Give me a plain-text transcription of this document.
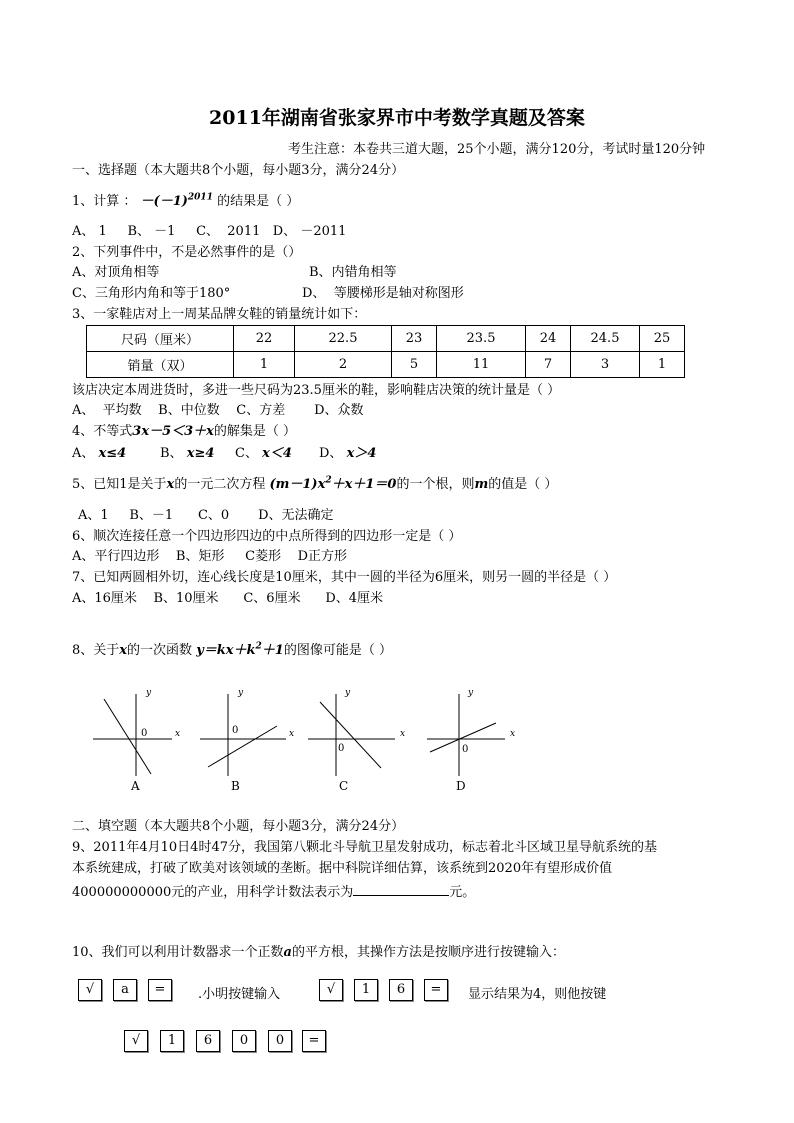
2011年湖南省张家界市中考数学真题及答案
考生注意：本卷共三道大题，25个小题，满分120分，考试时量120分钟
一、选择题（本大题共8个小题，每小题3分，满分24分）
1、计算 ： $-(-1)^{2011}$ 的结果是（ ）
A、 1     B、 －1     C、  2011   D、 －2011
2、下列事件中，不是必然事件的是（）
A、对顶角相等	B、内错角相等
C、三角形内角和等于180°	D、  等腰梯形是轴对称图形
3、一家鞋店对上一周某品牌女鞋的销量统计如下：
尺码（厘米）	22	22.5	23	23.5	24	24.5	25
销量（双）	1	2	5	11	7	3	1
该店决定本周进货时，多进一些尺码为23.5厘米的鞋，影响鞋店决策的统计量是（ ）
A、  平均数    B、中位数    C、方差       D、众数
4、不等式3x－5＜3＋x的解集是（ ）
A、 x≤4	B、 x≥4 C、 x＜4 D、 x＞4
5、已知1是关于x的一元二次方程 $(m-1)x^2+x+1=0$的一个根，则m的值是（ ）
A、1     B、－1      C、0       D、无法确定
6、顺次连接任意一个四边形四边的中点所得到的四边形一定是（ ）
A、平行四边形    B、矩形     C菱形    D正方形
7、已知两圆相外切，连心线长度是10厘米，其中一圆的半径为6厘米，则另一圆的半径是（ ）
A、16厘米    B、10厘米      C、6厘米      D、4厘米
8、关于x的一次函数 $y=kx+k^2+1$的图像可能是（ ）
y
x
0
A
y
x
0
B
y
x
0
C
y
x
0
D
二、填空题（本大题共8个小题，每小题3分，满分24分）
9、2011年4月10日4时47分，我国第八颗北斗导航卫星发射成功，标志着北斗区域卫星导航系统的基
本系统建成，打破了欧美对该领域的垄断。据中科院详细估算，该系统到2020年有望形成价值
400000000000元的产业，用科学计数法表示为	元。
10、我们可以利用计数器求一个正数a的平方根，其操作方法是按顺序进行按键输入：
√	a	=	.小明按键输入	√	1	6	=	显示结果为4，则他按键
√	1	6	0	0	=
